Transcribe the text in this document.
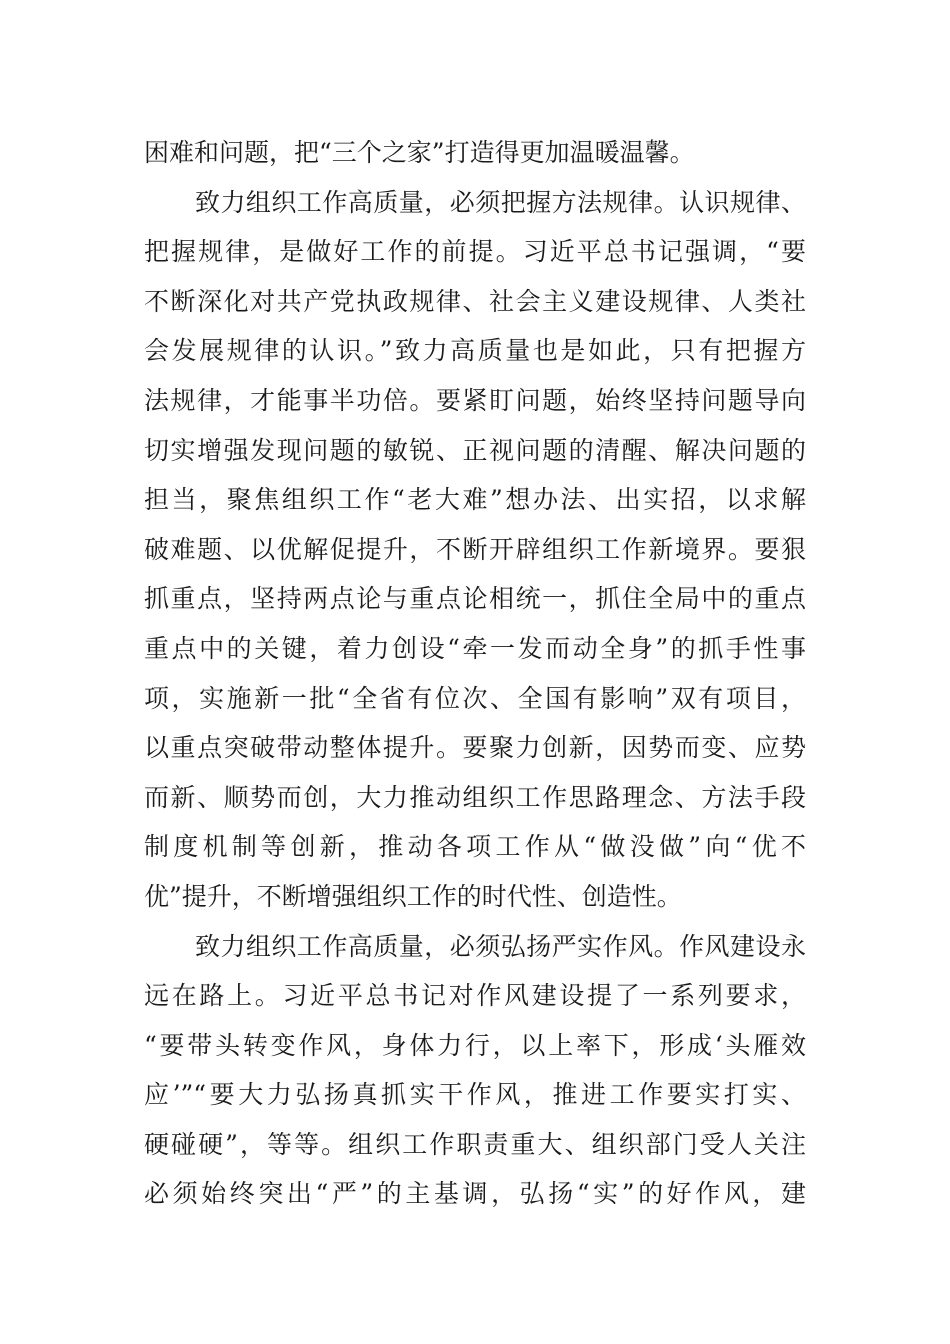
困难和问题，把“三个之家”打造得更加温暖温馨。
　　致力组织工作高质量，必须把握方法规律。认识规律、
把握规律，是做好工作的前提。习近平总书记强调，“要
不断深化对共产党执政规律、社会主义建设规律、人类社
会发展规律的认识。”致力高质量也是如此，只有把握方
法规律，才能事半功倍。要紧盯问题，始终坚持问题导向
切实增强发现问题的敏锐、正视问题的清醒、解决问题的
担当，聚焦组织工作“老大难”想办法、出实招，以求解
破难题、以优解促提升，不断开辟组织工作新境界。要狠
抓重点，坚持两点论与重点论相统一，抓住全局中的重点
重点中的关键，着力创设“牵一发而动全身”的抓手性事
项，实施新一批“全省有位次、全国有影响”双有项目，
以重点突破带动整体提升。要聚力创新，因势而变、应势
而新、顺势而创，大力推动组织工作思路理念、方法手段
制度机制等创新，推动各项工作从“做没做”向“优不
优”提升，不断增强组织工作的时代性、创造性。
　　致力组织工作高质量，必须弘扬严实作风。作风建设永
远在路上。习近平总书记对作风建设提了一系列要求，
“要带头转变作风，身体力行，以上率下，形成‘头雁效
应’”“要大力弘扬真抓实干作风，推进工作要实打实、
硬碰硬”，等等。组织工作职责重大、组织部门受人关注
必须始终突出“严”的主基调，弘扬“实”的好作风，建
